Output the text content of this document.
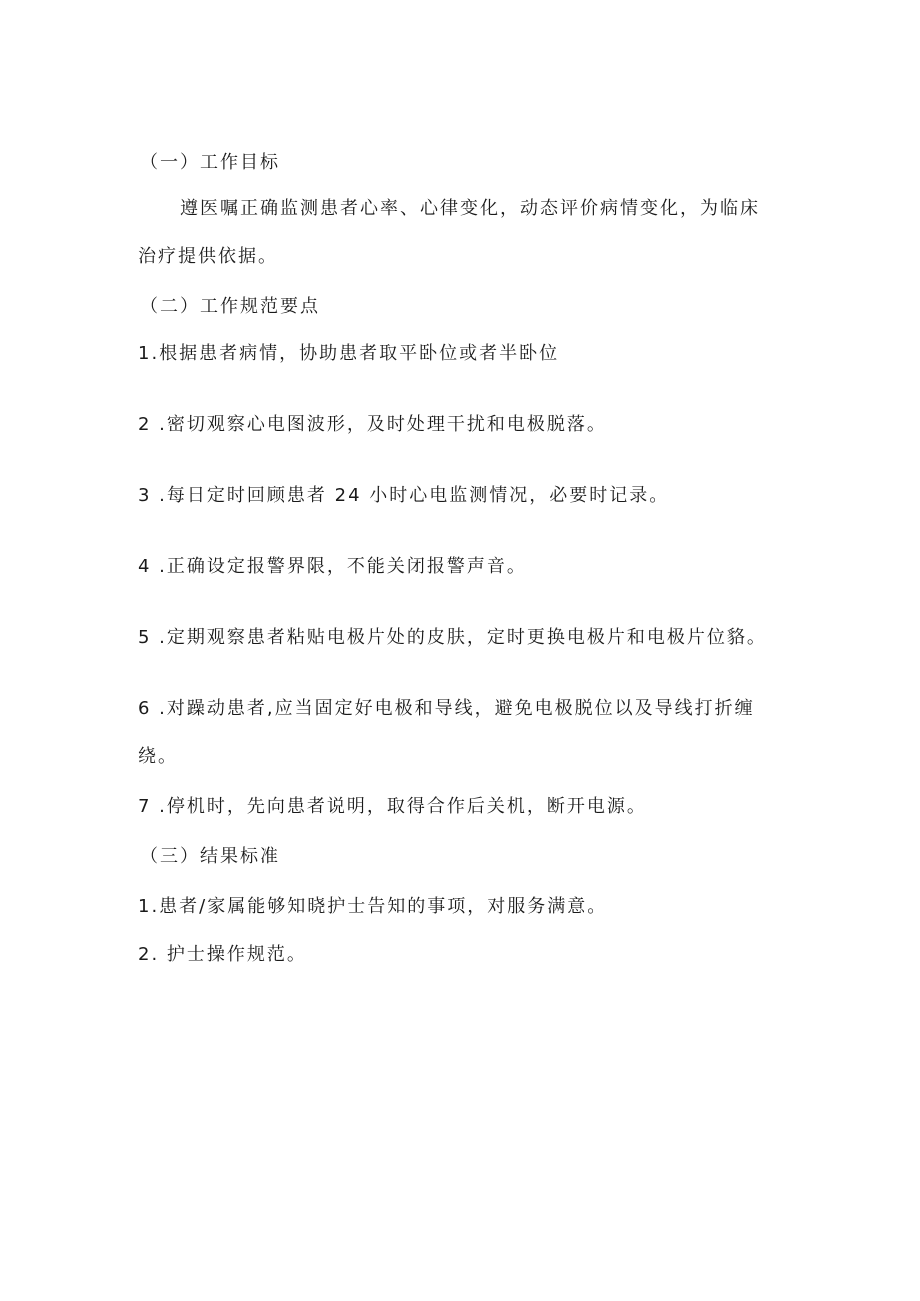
（一）工作目标
遵医嘱正确监测患者心率、心律变化，动态评价病情变化，为临床
治疗提供依据。
（二）工作规范要点
1.根据患者病情，协助患者取平卧位或者半卧位
2 .密切观察心电图波形，及时处理干扰和电极脱落。
3 .每日定时回顾患者 24 小时心电监测情况，必要时记录。
4 .正确设定报警界限，不能关闭报警声音。
5 .定期观察患者粘贴电极片处的皮肤，定时更换电极片和电极片位貉。
6 .对躁动患者,应当固定好电极和导线，避免电极脱位以及导线打折缠
绕。
7 .停机时，先向患者说明，取得合作后关机，断开电源。
（三）结果标准
1.患者/家属能够知晓护士告知的事项，对服务满意。
2. 护士操作规范。
